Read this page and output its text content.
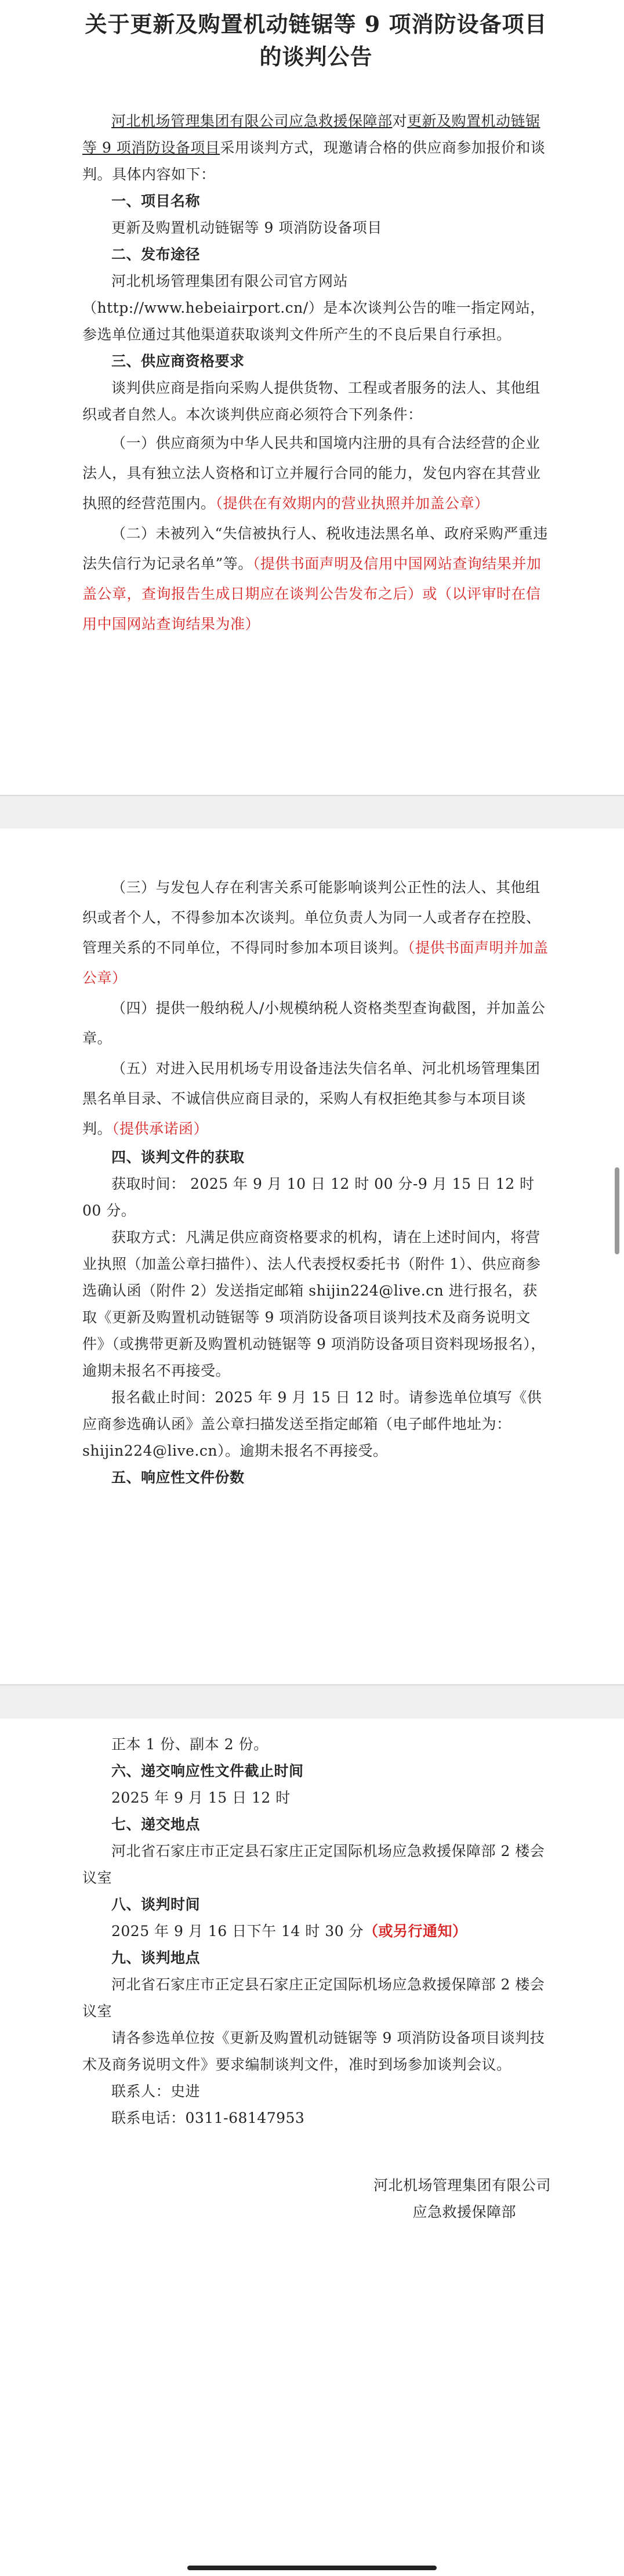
关于更新及购置机动链锯等 9 项消防设备项目

的谈判公告

河北机场管理集团有限公司应急救援保障部对更新及购置机动链锯等 9 项消防设备项目采用谈判方式，现邀请合格的供应商参加报价和谈判。具体内容如下：

一、项目名称

更新及购置机动链锯等 9 项消防设备项目

二、发布途径

河北机场管理集团有限公司官方网站（http://www.hebeiairport.cn/）是本次谈判公告的唯一指定网站，参选单位通过其他渠道获取谈判文件所产生的不良后果自行承担。

三、供应商资格要求

谈判供应商是指向采购人提供货物、工程或者服务的法人、其他组织或者自然人。本次谈判供应商必须符合下列条件：

（一）供应商须为中华人民共和国境内注册的具有合法经营的企业法人，具有独立法人资格和订立并履行合同的能力，发包内容在其营业执照的经营范围内。（提供在有效期内的营业执照并加盖公章）

（二）未被列入“失信被执行人、税收违法黑名单、政府采购严重违法失信行为记录名单”等。（提供书面声明及信用中国网站查询结果并加盖公章，查询报告生成日期应在谈判公告发布之后）或（以评审时在信用中国网站查询结果为准）

（三）与发包人存在利害关系可能影响谈判公正性的法人、其他组织或者个人，不得参加本次谈判。单位负责人为同一人或者存在控股、管理关系的不同单位，不得同时参加本项目谈判。（提供书面声明并加盖公章）

（四）提供一般纳税人/小规模纳税人资格类型查询截图，并加盖公章。

（五）对进入民用机场专用设备违法失信名单、河北机场管理集团黑名单目录、不诚信供应商目录的，采购人有权拒绝其参与本项目谈判。（提供承诺函）

四、谈判文件的获取

获取时间： 2025 年 9 月 10 日 12 时 00 分-9 月 15 日 12 时 00 分。

获取方式：凡满足供应商资格要求的机构，请在上述时间内，将营业执照（加盖公章扫描件）、法人代表授权委托书（附件 1）、供应商参选确认函（附件 2）发送指定邮箱 shijin224@live.cn 进行报名，获取《更新及购置机动链锯等 9 项消防设备项目谈判技术及商务说明文件》（或携带更新及购置机动链锯等 9 项消防设备项目资料现场报名），逾期未报名不再接受。

报名截止时间：2025 年 9 月 15 日 12 时。请参选单位填写《供应商参选确认函》盖公章扫描发送至指定邮箱（电子邮件地址为：shijin224@live.cn）。逾期未报名不再接受。

五、响应性文件份数

正本 1 份、副本 2 份。

六、递交响应性文件截止时间

2025 年 9 月 15 日 12 时

七、递交地点

河北省石家庄市正定县石家庄正定国际机场应急救援保障部 2 楼会议室

八、谈判时间

2025 年 9 月 16 日下午 14 时 30 分（或另行通知）

九、谈判地点

河北省石家庄市正定县石家庄正定国际机场应急救援保障部 2 楼会议室

请各参选单位按《更新及购置机动链锯等 9 项消防设备项目谈判技术及商务说明文件》要求编制谈判文件，准时到场参加谈判会议。

联系人：史进

联系电话：0311-68147953

河北机场管理集团有限公司

应急救援保障部
